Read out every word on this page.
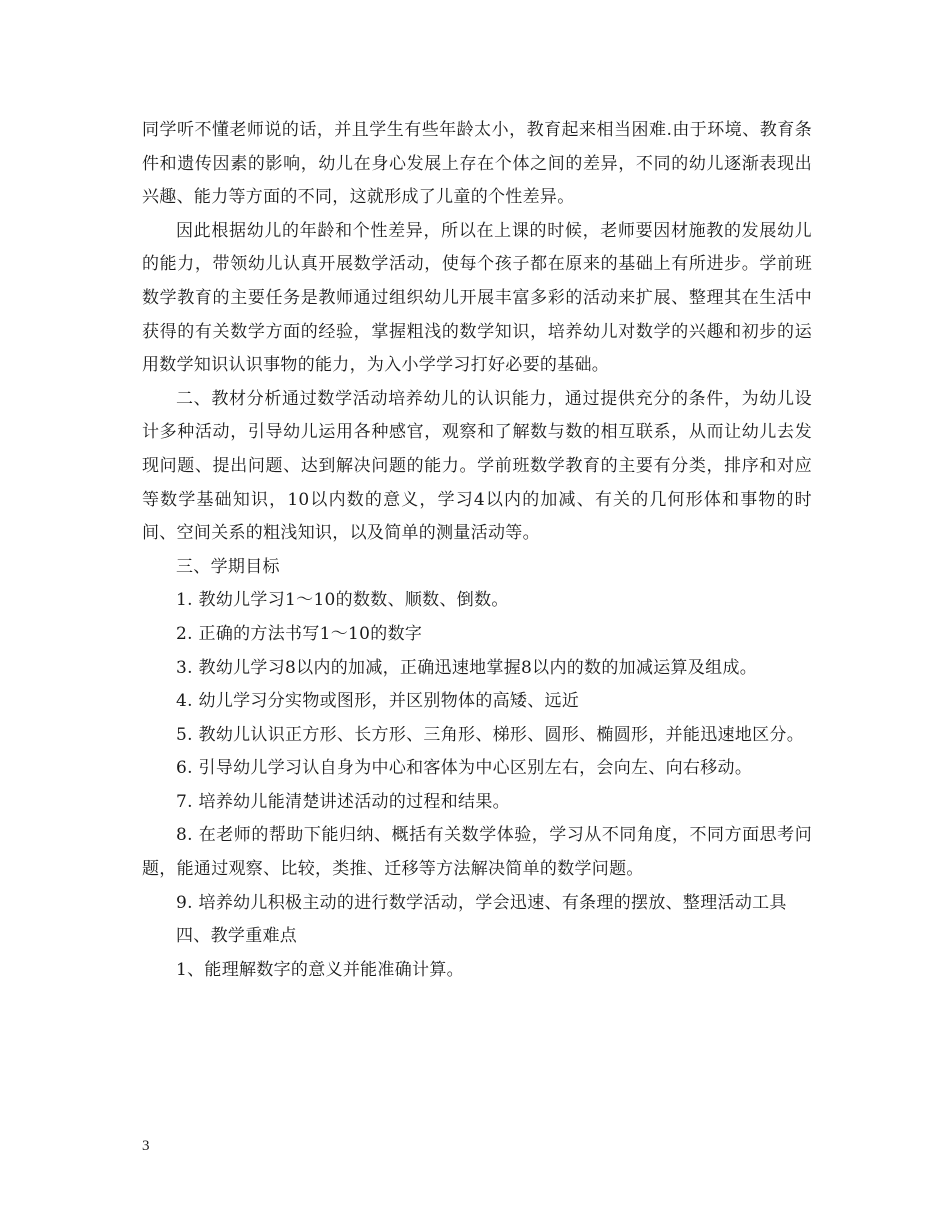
同学听不懂老师说的话，并且学生有些年龄太小，教育起来相当困难.由于环境、教育条件和遗传因素的影响，幼儿在身心发展上存在个体之间的差异，不同的幼儿逐渐表现出兴趣、能力等方面的不同，这就形成了儿童的个性差异。

因此根据幼儿的年龄和个性差异，所以在上课的时候，老师要因材施教的发展幼儿的能力，带领幼儿认真开展数学活动，使每个孩子都在原来的基础上有所进步。学前班数学教育的主要任务是教师通过组织幼儿开展丰富多彩的活动来扩展、整理其在生活中获得的有关数学方面的经验，掌握粗浅的数学知识，培养幼儿对数学的兴趣和初步的运用数学知识认识事物的能力，为入小学学习打好必要的基础。

二、教材分析通过数学活动培养幼儿的认识能力，通过提供充分的条件，为幼儿设计多种活动，引导幼儿运用各种感官，观察和了解数与数的相互联系，从而让幼儿去发现问题、提出问题、达到解决问题的能力。学前班数学教育的主要有分类，排序和对应等数学基础知识，10以内数的意义，学习4以内的加减、有关的几何形体和事物的时间、空间关系的粗浅知识，以及简单的测量活动等。

三、学期目标

1. 教幼儿学习1～10的数数、顺数、倒数。

2. 正确的方法书写1～10的数字

3. 教幼儿学习8以内的加减，正确迅速地掌握8以内的数的加减运算及组成。

4. 幼儿学习分实物或图形，并区别物体的高矮、远近

5. 教幼儿认识正方形、长方形、三角形、梯形、圆形、椭圆形，并能迅速地区分。

6. 引导幼儿学习认自身为中心和客体为中心区别左右，会向左、向右移动。

7. 培养幼儿能清楚讲述活动的过程和结果。

8. 在老师的帮助下能归纳、概括有关数学体验，学习从不同角度，不同方面思考问题，能通过观察、比较，类推、迁移等方法解决简单的数学问题。

9. 培养幼儿积极主动的进行数学活动，学会迅速、有条理的摆放、整理活动工具

四、教学重难点

1、能理解数字的意义并能准确计算。

3
